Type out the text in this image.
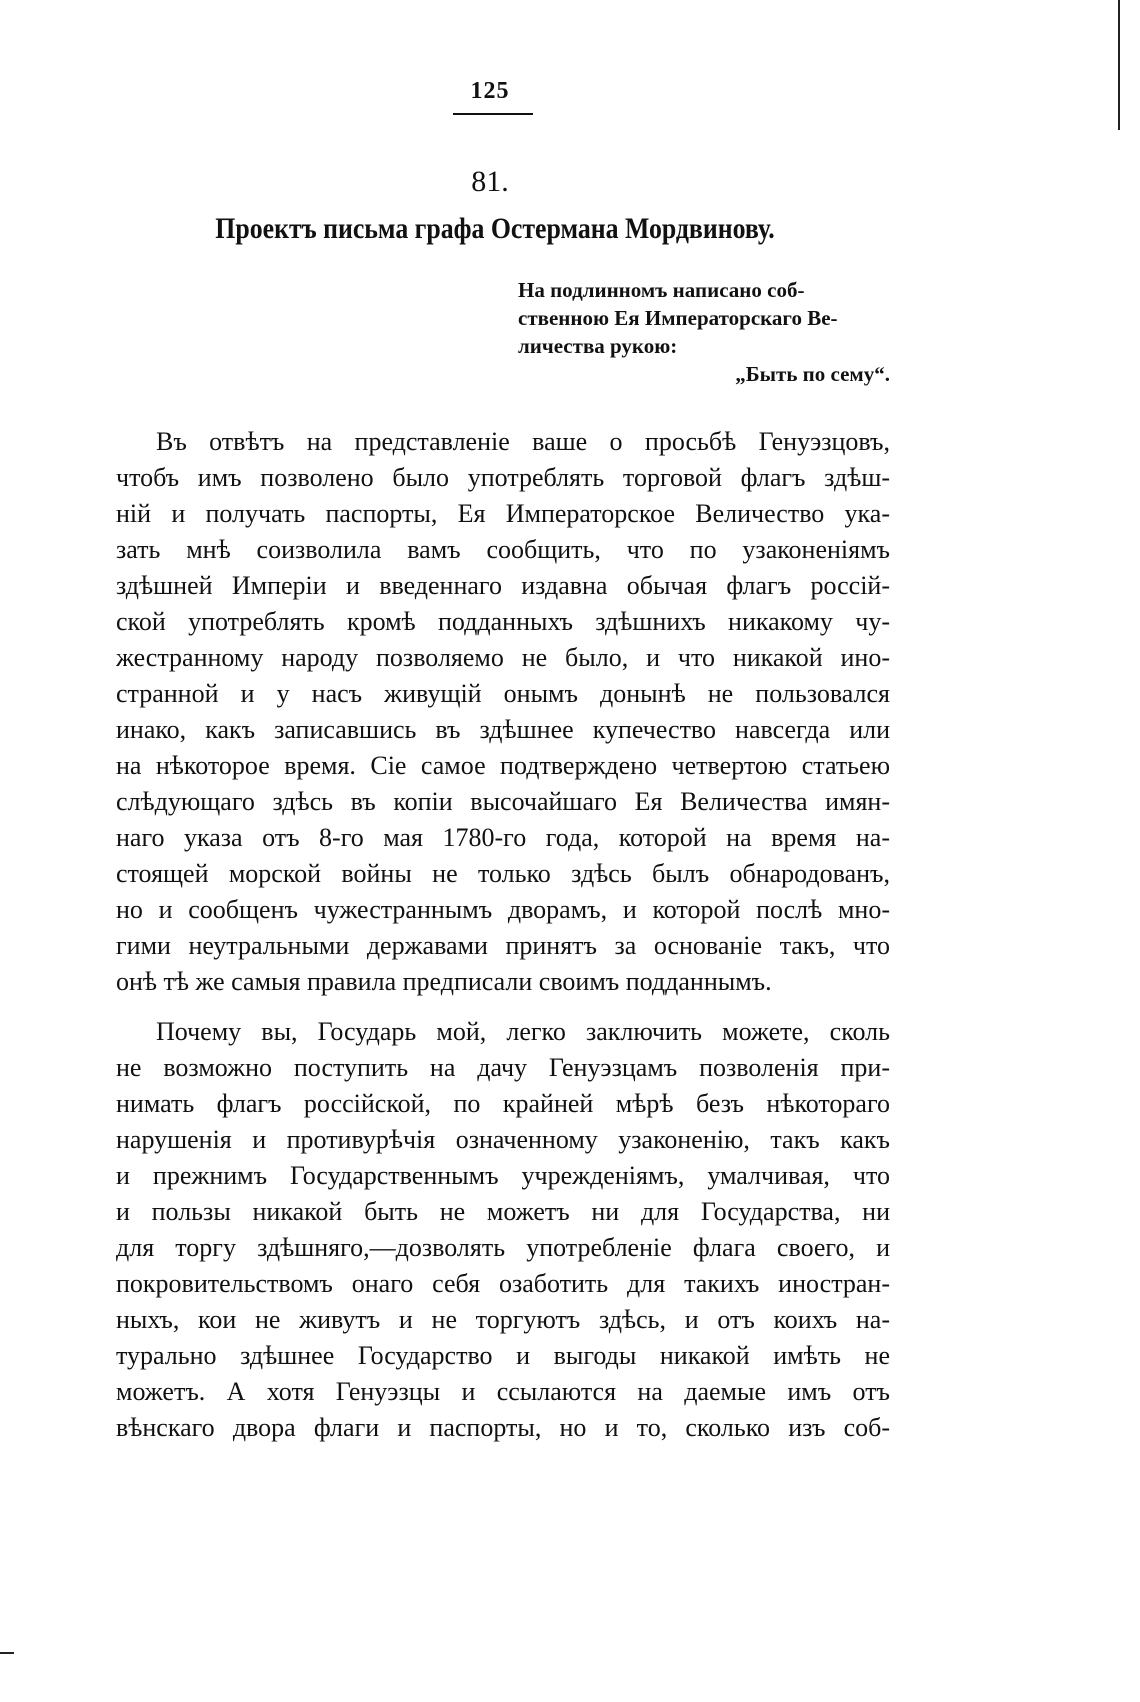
125
81.
Проектъ письма графа Остермана Мордвинову.
На подлинномъ написано соб-
ственною Ея Императорскаго Ве-
личества рукою:
„Быть по сему“.
Въ отвѣтъ на представленіе ваше о просьбѣ Генуэзцовъ,
чтобъ имъ позволено было употреблять торговой флагъ здѣш-
ній и получать паспорты, Ея Императорское Величество ука-
зать мнѣ соизволила вамъ сообщить, что по узаконеніямъ
здѣшней Имперіи и введеннаго издавна обычая флагъ россій-
ской употреблять кромѣ подданныхъ здѣшнихъ никакому чу-
жестранному народу позволяемо не было, и что никакой ино-
странной и у насъ живущій онымъ донынѣ не пользовался
инако, какъ записавшись въ здѣшнее купечество навсегда или
на нѣкоторое время. Сіе самое подтверждено четвертою статьею
слѣдующаго здѣсь въ копіи высочайшаго Ея Величества имян-
наго указа отъ 8-го мая 1780-го года, которой на время на-
стоящей морской войны не только здѣсь былъ обнародованъ,
но и сообщенъ чужестраннымъ дворамъ, и которой послѣ мно-
гими неутральными державами принятъ за основаніе такъ, что
онѣ тѣ же самыя правила предписали своимъ подданнымъ.
Почему вы, Государь мой, легко заключить можете, сколь
не возможно поступить на дачу Генуэзцамъ позволенія при-
нимать флагъ россійской, по крайней мѣрѣ безъ нѣкотораго
нарушенія и противурѣчія означенному узаконенію, такъ какъ
и прежнимъ Государственнымъ учрежденіямъ, умалчивая, что
и пользы никакой быть не можетъ ни для Государства, ни
для торгу здѣшняго,—дозволять употребленіе флага своего, и
покровительствомъ онаго себя озаботить для такихъ иностран-
ныхъ, кои не живутъ и не торгуютъ здѣсь, и отъ коихъ на-
турально здѣшнее Государство и выгоды никакой имѣть не
можетъ. А хотя Генуэзцы и ссылаются на даемые имъ отъ
вѣнскаго двора флаги и паспорты, но и то, сколько изъ соб-
